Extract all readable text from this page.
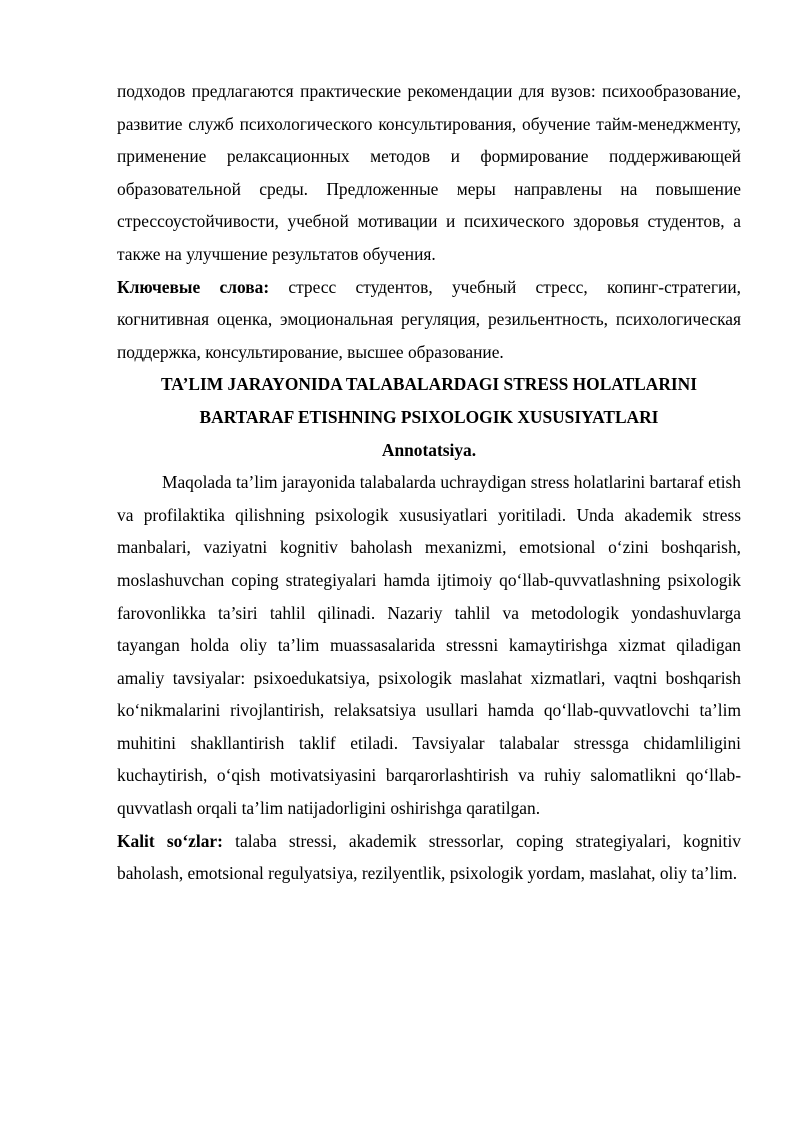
подходов предлагаются практические рекомендации для вузов: психообразование, развитие служб психологического консультирования, обучение тайм-менеджменту, применение релаксационных методов и формирование поддерживающей образовательной среды. Предложенные меры направлены на повышение стрессоустойчивости, учебной мотивации и психического здоровья студентов, а также на улучшение результатов обучения.

Ключевые слова: стресс студентов, учебный стресс, копинг-стратегии, когнитивная оценка, эмоциональная регуляция, резильентность, психологическая поддержка, консультирование, высшее образование.

TA’LIM JARAYONIDA TALABALARDAGI STRESS HOLATLARINI

BARTARAF ETISHNING PSIXOLOGIK XUSUSIYATLARI

Annotatsiya.

Maqolada ta’lim jarayonida talabalarda uchraydigan stress holatlarini bartaraf etish va profilaktika qilishning psixologik xususiyatlari yoritiladi. Unda akademik stress manbalari, vaziyatni kognitiv baholash mexanizmi, emotsional o‘zini boshqarish, moslashuvchan coping strategiyalari hamda ijtimoiy qo‘llab-quvvatlashning psixologik farovonlikka ta’siri tahlil qilinadi. Nazariy tahlil va metodologik yondashuvlarga tayangan holda oliy ta’lim muassasalarida stressni kamaytirishga xizmat qiladigan amaliy tavsiyalar: psixoedukatsiya, psixologik maslahat xizmatlari, vaqtni boshqarish ko‘nikmalarini rivojlantirish, relaksatsiya usullari hamda qo‘llab-quvvatlovchi ta’lim muhitini shakllantirish taklif etiladi. Tavsiyalar talabalar stressga chidamliligini kuchaytirish, o‘qish motivatsiyasini barqarorlashtirish va ruhiy salomatlikni qo‘llab-quvvatlash orqali ta’lim natijadorligini oshirishga qaratilgan.

Kalit so‘zlar: talaba stressi, akademik stressorlar, coping strategiyalari, kognitiv baholash, emotsional regulyatsiya, rezilyentlik, psixologik yordam, maslahat, oliy ta’lim.
